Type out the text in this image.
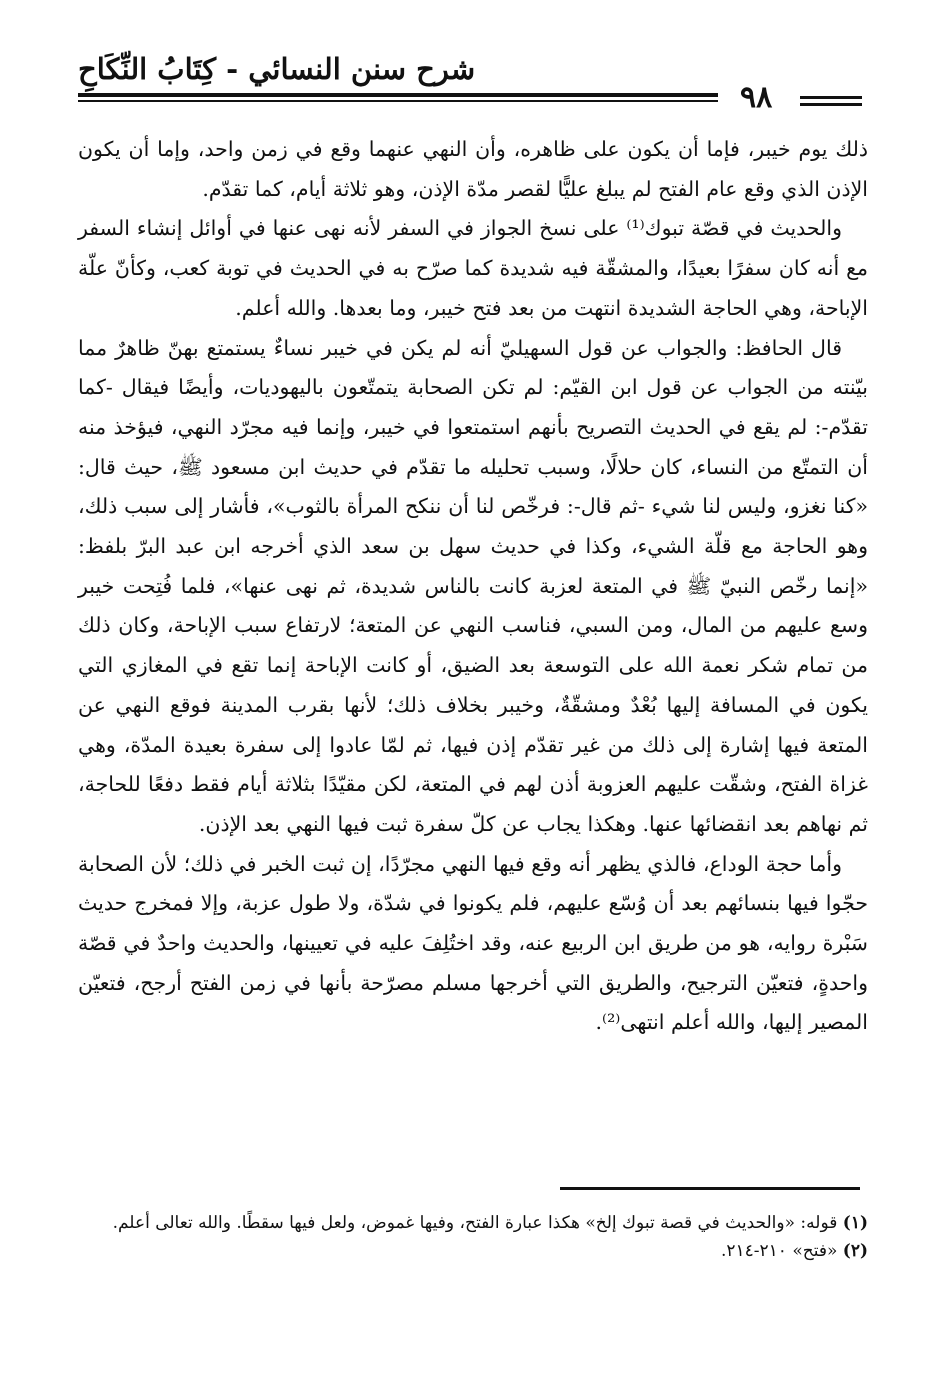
شرح سنن النسائي - كِتَابُ النِّكَاحِ
٩٨

ذلك يوم خيبر، فإما أن يكون على ظاهره، وأن النهي عنهما وقع في زمن واحد، وإما أن يكون الإذن الذي وقع عام الفتح لم يبلغ عليًّا لقصر مدّة الإذن، وهو ثلاثة أيام، كما تقدّم.

والحديث في قصّة تبوك⁽¹⁾ على نسخ الجواز في السفر لأنه نهى عنها في أوائل إنشاء السفر مع أنه كان سفرًا بعيدًا، والمشقّة فيه شديدة كما صرّح به في الحديث في توبة كعب، وكأنّ علّة الإباحة، وهي الحاجة الشديدة انتهت من بعد فتح خيبر، وما بعدها. والله أعلم.

قال الحافظ: والجواب عن قول السهيليّ أنه لم يكن في خيبر نساءٌ يستمتع بهنّ ظاهرٌ مما بيّنته من الجواب عن قول ابن القيّم: لم تكن الصحابة يتمتّعون باليهوديات، وأيضًا فيقال -كما تقدّم-: لم يقع في الحديث التصريح بأنهم استمتعوا في خيبر، وإنما فيه مجرّد النهي، فيؤخذ منه أن التمتّع من النساء، كان حلالًا، وسبب تحليله ما تقدّم في حديث ابن مسعود ﷺ، حيث قال: «كنا نغزو، وليس لنا شيء -ثم قال-: فرخّص لنا أن ننكح المرأة بالثوب»، فأشار إلى سبب ذلك، وهو الحاجة مع قلّة الشيء، وكذا في حديث سهل بن سعد الذي أخرجه ابن عبد البرّ بلفظ: «إنما رخّص النبيّ ﷺ في المتعة لعزبة كانت بالناس شديدة، ثم نهى عنها»، فلما فُتِحت خيبر وسع عليهم من المال، ومن السبي، فناسب النهي عن المتعة؛ لارتفاع سبب الإباحة، وكان ذلك من تمام شكر نعمة الله على التوسعة بعد الضيق، أو كانت الإباحة إنما تقع في المغازي التي يكون في المسافة إليها بُعْدٌ ومشقّةٌ، وخيبر بخلاف ذلك؛ لأنها بقرب المدينة فوقع النهي عن المتعة فيها إشارة إلى ذلك من غير تقدّم إذن فيها، ثم لمّا عادوا إلى سفرة بعيدة المدّة، وهي غزاة الفتح، وشقّت عليهم العزوبة أذن لهم في المتعة، لكن مقيّدًا بثلاثة أيام فقط دفعًا للحاجة، ثم نهاهم بعد انقضائها عنها. وهكذا يجاب عن كلّ سفرة ثبت فيها النهي بعد الإذن.

وأما حجة الوداع، فالذي يظهر أنه وقع فيها النهي مجرّدًا، إن ثبت الخبر في ذلك؛ لأن الصحابة حجّوا فيها بنسائهم بعد أن وُسّع عليهم، فلم يكونوا في شدّة، ولا طول عزبة، وإلا فمخرج حديث سَبْرة روايه، هو من طريق ابن الربيع عنه، وقد اختُلِفَ عليه في تعيينها، والحديث واحدٌ في قصّة واحدةٍ، فتعيّن الترجيح، والطريق التي أخرجها مسلم مصرّحة بأنها في زمن الفتح أرجح، فتعيّن المصير إليها، والله أعلم انتهى⁽²⁾.

(١) قوله: «والحديث في قصة تبوك إلخ» هكذا عبارة الفتح، وفيها غموض، ولعل فيها سقطًا. والله تعالى أعلم.

(٢) «فتح» ٢١٠-٢١٤.
